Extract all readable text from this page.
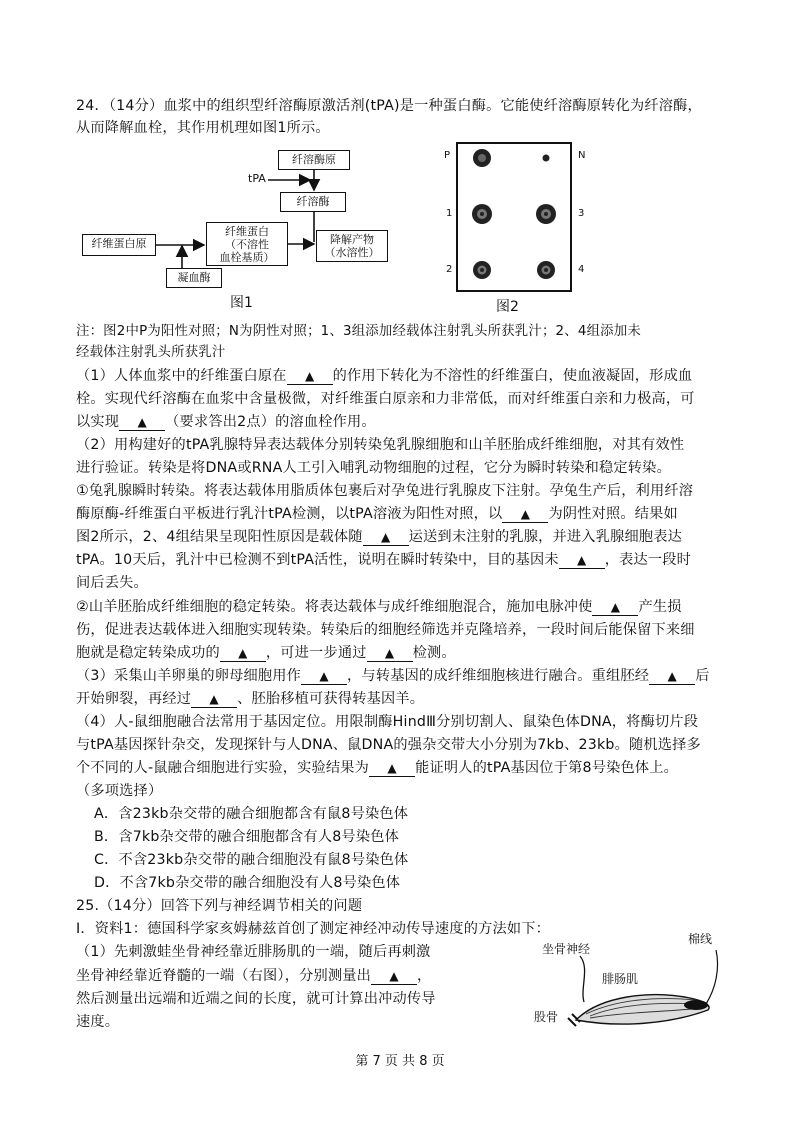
24．（14分）血浆中的组织型纤溶酶原激活剂(tPA)是一种蛋白酶。它能使纤溶酶原转化为纤溶酶，
从而降解血栓，其作用机理如图1所示。
纤溶酶原
纤溶酶
tPA
纤维蛋白原
纤维蛋白
（不溶性
血栓基质）
降解产物
（水溶性）
凝血酶
图1
P	N
1	3
2	4
图2
注：图2中P为阳性对照；N为阴性对照；1、3组添加经载体注射乳头所获乳汁；2、4组添加未
经载体注射乳头所获乳汁
（1）人体血浆中的纤维蛋白原在 ▲ 的作用下转化为不溶性的纤维蛋白，使血液凝固，形成血
栓。实现代纤溶酶在血浆中含量极微，对纤维蛋白原亲和力非常低，而对纤维蛋白亲和力极高，可
以实现 ▲ （要求答出2点）的溶血栓作用。
（2）用构建好的tPA乳腺特异表达载体分别转染兔乳腺细胞和山羊胚胎成纤维细胞，对其有效性
进行验证。转染是将DNA或RNA人工引入哺乳动物细胞的过程，它分为瞬时转染和稳定转染。
①兔乳腺瞬时转染。将表达载体用脂质体包裹后对孕兔进行乳腺皮下注射。孕兔生产后，利用纤溶
酶原酶-纤维蛋白平板进行乳汁tPA检测，以tPA溶液为阳性对照，以 ▲ 为阴性对照。结果如
图2所示，2、4组结果呈现阳性原因是载体随 ▲ 运送到未注射的乳腺，并进入乳腺细胞表达
tPA。10天后，乳汁中已检测不到tPA活性，说明在瞬时转染中，目的基因未 ▲ ，表达一段时
间后丢失。
②山羊胚胎成纤维细胞的稳定转染。将表达载体与成纤维细胞混合，施加电脉冲使 ▲ 产生损
伤，促进表达载体进入细胞实现转染。转染后的细胞经筛选并克隆培养，一段时间后能保留下来细
胞就是稳定转染成功的 ▲ ，可进一步通过 ▲ 检测。
（3）采集山羊卵巢的卵母细胞用作 ▲ ，与转基因的成纤维细胞核进行融合。重组胚经 ▲ 后
开始卵裂，再经过 ▲ 、胚胎移植可获得转基因羊。
（4）人-鼠细胞融合法常用于基因定位。用限制酶HindⅢ分别切割人、鼠染色体DNA，将酶切片段
与tPA基因探针杂交，发现探针与人DNA、鼠DNA的强杂交带大小分别为7kb、23kb。随机选择多
个不同的人-鼠融合细胞进行实验，实验结果为 ▲ 能证明人的tPA基因位于第8号染色体上。
（多项选择）
A．含23kb杂交带的融合细胞都含有鼠8号染色体
B．含7kb杂交带的融合细胞都含有人8号染色体
C．不含23kb杂交带的融合细胞没有鼠8号染色体
D．不含7kb杂交带的融合细胞没有人8号染色体
25.（14分）回答下列与神经调节相关的问题
Ⅰ．资料1：德国科学家亥姆赫兹首创了测定神经冲动传导速度的方法如下：
（1）先刺激蛙坐骨神经靠近腓肠肌的一端，随后再刺激
坐骨神经靠近脊髓的一端（右图），分别测量出 ▲ ，
然后测量出远端和近端之间的长度，就可计算出冲动传导
速度。
坐骨神经
棉线
腓肠肌
股骨
第 7 页 共 8 页
